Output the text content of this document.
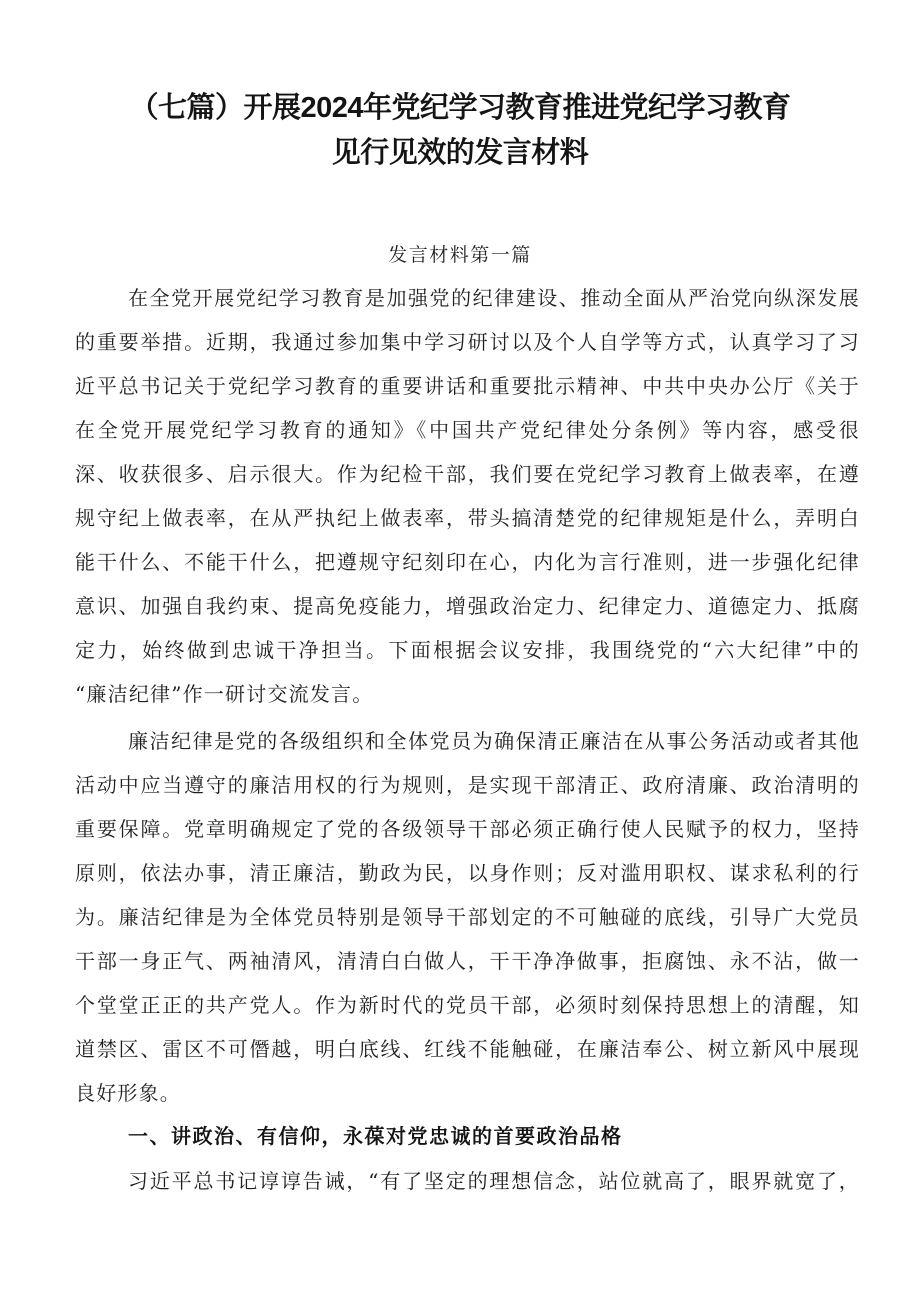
（七篇）开展2024年党纪学习教育推进党纪学习教育
见行见效的发言材料
发言材料第一篇
在全党开展党纪学习教育是加强党的纪律建设、推动全面从严治党向纵深发展
的重要举措。近期，我通过参加集中学习研讨以及个人自学等方式，认真学习了习
近平总书记关于党纪学习教育的重要讲话和重要批示精神、中共中央办公厅《关于
在全党开展党纪学习教育的通知》《中国共产党纪律处分条例》等内容，感受很
深、收获很多、启示很大。作为纪检干部，我们要在党纪学习教育上做表率，在遵
规守纪上做表率，在从严执纪上做表率，带头搞清楚党的纪律规矩是什么，弄明白
能干什么、不能干什么，把遵规守纪刻印在心，内化为言行准则，进一步强化纪律
意识、加强自我约束、提高免疫能力，增强政治定力、纪律定力、道德定力、抵腐
定力，始终做到忠诚干净担当。下面根据会议安排，我围绕党的“六大纪律”中的
“廉洁纪律”作一研讨交流发言。
廉洁纪律是党的各级组织和全体党员为确保清正廉洁在从事公务活动或者其他
活动中应当遵守的廉洁用权的行为规则，是实现干部清正、政府清廉、政治清明的
重要保障。党章明确规定了党的各级领导干部必须正确行使人民赋予的权力，坚持
原则，依法办事，清正廉洁，勤政为民，以身作则；反对滥用职权、谋求私利的行
为。廉洁纪律是为全体党员特别是领导干部划定的不可触碰的底线，引导广大党员
干部一身正气、两袖清风，清清白白做人，干干净净做事，拒腐蚀、永不沾，做一
个堂堂正正的共产党人。作为新时代的党员干部，必须时刻保持思想上的清醒，知
道禁区、雷区不可僭越，明白底线、红线不能触碰，在廉洁奉公、树立新风中展现
良好形象。
一、讲政治、有信仰，永葆对党忠诚的首要政治品格
习近平总书记谆谆告诫，“有了坚定的理想信念，站位就高了，眼界就宽了，
